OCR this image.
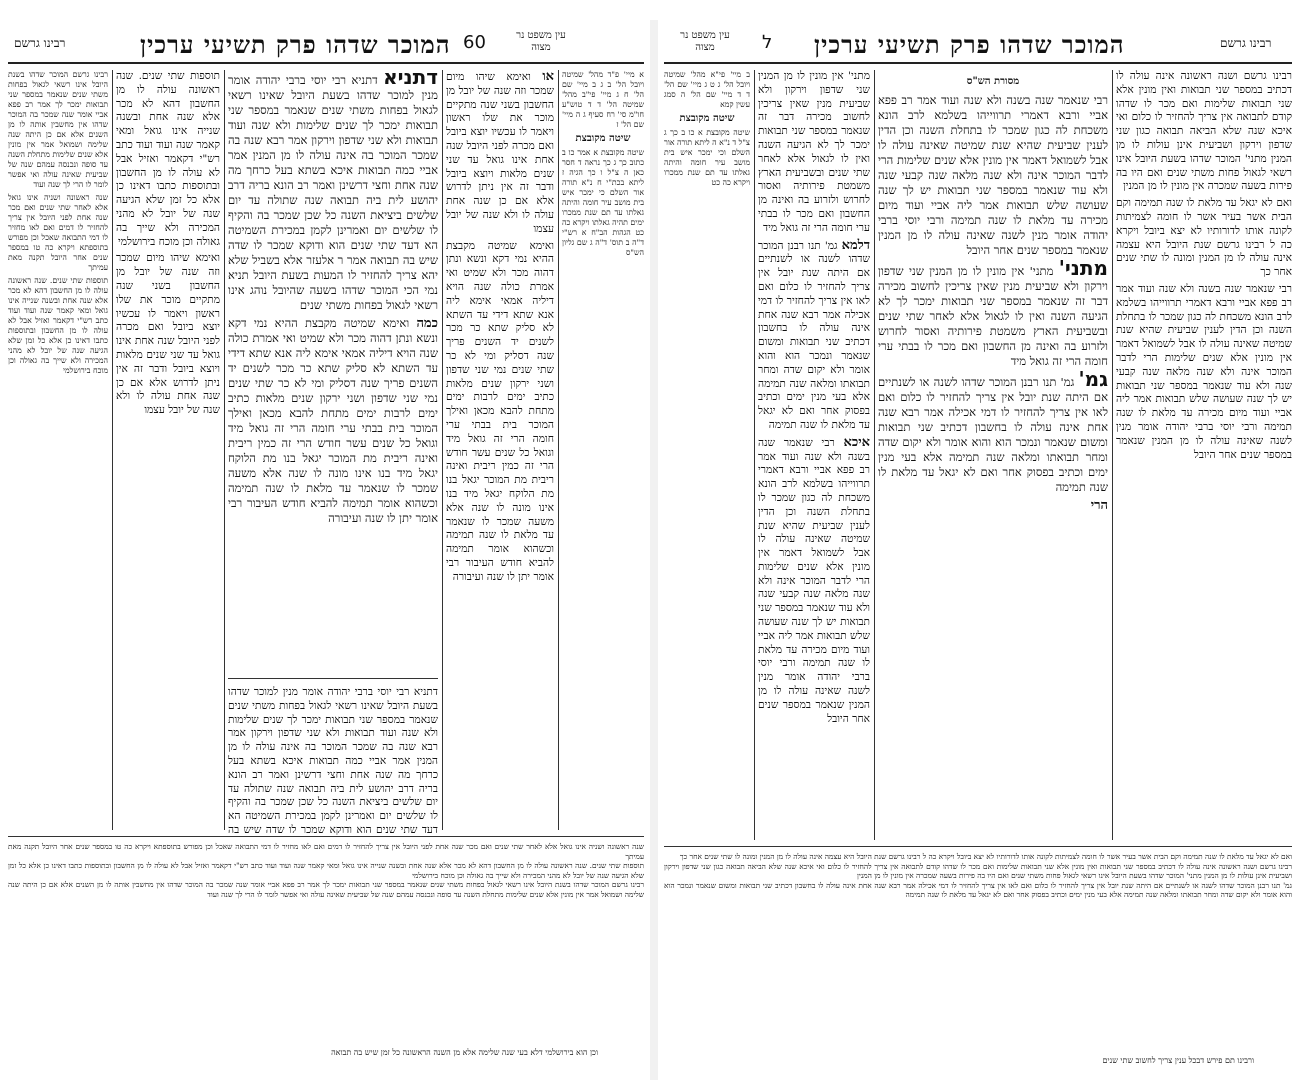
רבינו גרשם	המוכר שדהו פרק תשיעי ערכין 60	עין משפט נר מצוה

רבינו גרשם המוכר שדהו בשנת היובל אינו רשאי לגאול בפחות משתי שנים שנאמר במספר שני תבואות ימכר לך אמר רב פפא אביי אומר שנה שמכר בה המוכר שדהו אין מחשבין אותה לו מן השנים אלא אם כן היתה שנה שלימה ושמואל אמר אין מונין אלא שנים שלימות מתחלת השנה עד סופה ונכנסה עמהם שנה של שביעית שאינה עולה ואי אפשר לומר לו הרי לך שנה ועוד

שנה ראשונה ושניה אינו גואל אלא לאחר שתי שנים ואם מכר שנה אחת לפני היובל אין צריך להחזיר לו דמים ואם לאו מחזיר לו דמי התבואה שאכל וכן מפורש בתוספתא ויקרא כה טו במספר שנים אחר היובל תקנה מאת עמיתך

תוספות שתי שנים. שנה ראשונה עולה לו מן החשבון דהא לא מכר אלא שנה אחת ובשנה שנייה אינו גואל ומאי קאמר שנה ועוד ועוד כתב רש"י דקאמר ואזיל אבל לא עולה לו מן החשבון ובתוספות כתבו דאינו כן אלא כל זמן שלא הגיעה שנה של יובל לא מהני המכירה ולא שייך בה גאולה וכן מוכח בירושלמי

תוספות שתי שנים. שנה ראשונה עולה לו מן החשבון דהא לא מכר אלא שנה אחת ובשנה שנייה אינו גואל ומאי קאמר שנה ועוד ועוד כתב רש"י דקאמר ואזיל אבל לא עולה לו מן החשבון ובתוספות כתבו דאינו כן אלא כל זמן שלא הגיעה שנה של יובל לא מהני המכירה ולא שייך בה גאולה וכן מוכח בירושלמי

ואימא שיהו מיום שמכר וזה שנה של יובל מן החשבון בשני שנה מתקיים מוכר את שלו ראשון ויאמר לו עכשיו יוצא ביובל ואם מכרה לפני היובל שנה אחת אינו גואל עד שני שנים מלאות ויוצא ביובל ודבר זה אין ניתן לדרוש אלא אם כן שנה אחת עולה לו ולא שנה של יובל עצמו

דתניא דתניא רבי יוסי ברבי יהודה אומר מנין למוכר שדהו בשעת היובל שאינו רשאי לגאול בפחות משתי שנים שנאמר במספר שני תבואות ימכר לך שנים שלימות ולא שנה ועוד תבואות ולא שני שדפון וירקון אמר רבא שנה בה שמכר המוכר בה אינה עולה לו מן המנין אמר אביי כמה תבואות איכא בשתא בעל כרחך מה שנה אחת וחצי דרשינן ואמר רב הונא בריה דרב יהושע לית ביה תבואה שנה שתולה עד יום שלשים ביציאת השנה כל שכן שמכר בה והקיף לו שלשים יום ואמרינן לקמן במכירת השמיטה הא דעד שתי שנים הוא ודוקא שמכר לו שדה שיש בה תבואה אמר ר אלעזר אלא בשביל שלא יהא צריך להחזיר לו המעות בשעת היובל תניא נמי הכי המוכר שדהו בשעה שהיובל נוהג אינו רשאי לגאול בפחות משתי שנים

כמה ואימא שמיטה מקבצת ההיא נמי דקא ונשא ונתן דהוה מכר ולא שמיט ואי אמרת כולה שנה הויא דיליה אמאי אימא ליה אנא שתא דידי עד השתא לא סליק שתא כר מכר לשנים יד השנים פריך שנה דסליק ומי לא כר שתי שנים נמי שני שדפון ושני ירקון שנים מלאות כתיב ימים לרבות ימים מתחת להבא מכאן ואילך המוכר בית בבתי ערי חומה הרי זה גואל מיד וגואל כל שנים עשר חודש הרי זה כמין ריבית ואינה ריבית מת המוכר יגאל בנו מת הלוקח יגאל מיד בנו אינו מונה לו שנה אלא משעה שמכר לו שנאמר עד מלאת לו שנה תמימה וכשהוא אומר תמימה להביא חודש העיבור רבי אומר יתן לו שנה ועיבורה

דתניא רבי יוסי ברבי יהודה אומר מנין למוכר שדהו בשעת היובל שאינו רשאי לגאול בפחות משתי שנים שנאמר במספר שני תבואות ימכר לך שנים שלימות ולא שנה ועוד תבואות ולא שני שדפון וירקון אמר רבא שנה בה שמכר המוכר בה אינה עולה לו מן המנין אמר אביי כמה תבואות איכא בשתא בעל כרחך מה שנה אחת וחצי דרשינן ואמר רב הונא בריה דרב יהושע לית ביה תבואה שנה שתולה עד יום שלשים ביציאת השנה כל שכן שמכר בה והקיף לו שלשים יום ואמרינן לקמן במכירת השמיטה הא דעד שתי שנים הוא ודוקא שמכר לו שדה שיש בה

או ואימא שיהו מיום שמכר וזה שנה של יובל מן החשבון בשני שנה מתקיים מוכר את שלו ראשון ויאמר לו עכשיו יוצא ביובל ואם מכרה לפני היובל שנה אחת אינו גואל עד שני שנים מלאות ויוצא ביובל ודבר זה אין ניתן לדרוש אלא אם כן שנה אחת עולה לו ולא שנה של יובל עצמו

ואימא שמיטה מקבצת ההיא נמי דקא ונשא ונתן דהוה מכר ולא שמיט ואי אמרת כולה שנה הויא דיליה אמאי אימא ליה אנא שתא דידי עד השתא לא סליק שתא כר מכר לשנים יד השנים פריך שנה דסליק ומי לא כר שתי שנים נמי שני שדפון ושני ירקון שנים מלאות כתיב ימים לרבות ימים מתחת להבא מכאן ואילך המוכר בית בבתי ערי חומה הרי זה גואל מיד וגואל כל שנים עשר חודש הרי זה כמין ריבית ואינה ריבית מת המוכר יגאל בנו מת הלוקח יגאל מיד בנו אינו מונה לו שנה אלא משעה שמכר לו שנאמר עד מלאת לו שנה תמימה וכשהוא אומר תמימה להביא חודש העיבור רבי אומר יתן לו שנה ועיבורה

א מיי' פ"ד מהל' שמיטה ויובל הל' ב ג ב מיי' שם הל' ח ג מיי' פי"ב מהל' שמיטה הל' ד ד טוש"ע חו"מ סי' רח סעיף ג ה מיי' שם הל' ז

שיטה מקובצת

שיטה מקובצת א אמר כו ב כתוב כך ג כך נראה ד חסר כאן ה צ"ל ו כך הגיה ז ליתא בכת"י ח נ"א תורה אור השלם כי ימכר איש בית מושב עיר חומה והיתה גאלתו עד תם שנת ממכרו ימים תהיה גאלתו ויקרא כה כט הגהות הב"ח א רש"י ד"ה ב תוס' ד"ה ג שם גליון הש"ס

שנה ראשונה ושניה אינו גואל אלא לאחר שתי שנים ואם מכר שנה אחת לפני היובל אין צריך להחזיר לו דמים ואם לאו מחזיר לו דמי התבואה שאכל וכן מפורש בתוספתא ויקרא כה טו במספר שנים אחר היובל תקנה מאת עמיתך

תוספות שתי שנים. שנה ראשונה עולה לו מן החשבון דהא לא מכר אלא שנה אחת ובשנה שנייה אינו גואל ומאי קאמר שנה ועוד ועוד כתב רש"י דקאמר ואזיל אבל לא עולה לו מן החשבון ובתוספות כתבו דאינו כן אלא כל זמן שלא הגיעה שנה של יובל לא מהני המכירה ולא שייך בה גאולה וכן מוכח בירושלמי

רבינו גרשם המוכר שדהו בשנת היובל אינו רשאי לגאול בפחות משתי שנים שנאמר במספר שני תבואות ימכר לך אמר רב פפא אביי אומר שנה שמכר בה המוכר שדהו אין מחשבין אותה לו מן השנים אלא אם כן היתה שנה שלימה ושמואל אמר אין מונין אלא שנים שלימות מתחלת השנה עד סופה ונכנסה עמהם שנה של שביעית שאינה עולה ואי אפשר לומר לו הרי לך שנה ועוד

וכן הוא בירושלמי דלא בעי שנה שלימה אלא מן השנה הראשונה כל זמן שיש בה תבואה
עין משפט נר מצוה	ל המוכר שדהו פרק תשיעי ערכין	רבינו גרשם

ב מיי' פי"א מהל' שמיטה ויובל הל' ג ט ג מיי' שם הל' ד ד מיי' שם הל' ה סמג עשין קמא

שיטה מקובצת

שיטה מקובצת א כו ב כך ג צ"ל ד נ"א ה ליתא תורה אור השלם וכי ימכר איש בית מושב עיר חומה והיתה גאלתו עד תם שנת ממכרו ויקרא כה כט

מתני' אין מונין לו מן המנין שני שדפון וירקון ולא שביעית מנין שאין צריכין לחשוב מכירה דבר זה שנאמר במספר שני תבואות ימכר לך לא הגיעה השנה ואין לו לגאול אלא לאחר שתי שנים ובשביעית הארץ משמטת פירותיה ואסור לחרוש ולזרוע בה ואינה מן החשבון ואם מכר לו בבתי ערי חומה הרי זה גואל מיד

דלמא גמ' תנו רבנן המוכר שדהו לשנה או לשנתיים אם היתה שנת יובל אין צריך להחזיר לו כלום ואם לאו אין צריך להחזיר לו דמי אכילה אמר רבא שנה אחת אינה עולה לו בחשבון דכתיב שני תבואות ומשום שנאמר ונמכר הוא והוא אומר ולא יקום שדה ומחר תבואתו ומלאה שנה תמימה אלא בעי מנין ימים וכתיב בפסוק אחר ואם לא יגאל עד מלאת לו שנה תמימה

איכא רבי שנאמר שנה בשנה ולא שנה ועוד אמר רב פפא אביי ורבא דאמרי תרווייהו בשלמא לרב הונא משכחת לה כגון שמכר לו בתחלת השנה וכן הדין לענין שביעית שהיא שנת שמיטה שאינה עולה לו אבל לשמואל דאמר אין מונין אלא שנים שלימות הרי לדבר המוכר אינה ולא שנה מלאה שנה קבעי שנה ולא עוד שנאמר במספר שני תבואות יש לך שנה שעושה שלש תבואות אמר ליה אביי ועוד מיום מכירה עד מלאת לו שנה תמימה ורבי יוסי ברבי יהודה אומר מנין לשנה שאינה עולה לו מן המנין שנאמר במספר שנים אחר היובל

מסורת הש"ס

רבי שנאמר שנה בשנה ולא שנה ועוד אמר רב פפא אביי ורבא דאמרי תרווייהו בשלמא לרב הונא משכחת לה כגון שמכר לו בתחלת השנה וכן הדין לענין שביעית שהיא שנת שמיטה שאינה עולה לו אבל לשמואל דאמר אין מונין אלא שנים שלימות הרי לדבר המוכר אינה ולא שנה מלאה שנה קבעי שנה ולא עוד שנאמר במספר שני תבואות יש לך שנה שעושה שלש תבואות אמר ליה אביי ועוד מיום מכירה עד מלאת לו שנה תמימה ורבי יוסי ברבי יהודה אומר מנין לשנה שאינה עולה לו מן המנין שנאמר במספר שנים אחר היובל

מתני' מתני' אין מונין לו מן המנין שני שדפון וירקון ולא שביעית מנין שאין צריכין לחשוב מכירה דבר זה שנאמר במספר שני תבואות ימכר לך לא הגיעה השנה ואין לו לגאול אלא לאחר שתי שנים ובשביעית הארץ משמטת פירותיה ואסור לחרוש ולזרוע בה ואינה מן החשבון ואם מכר לו בבתי ערי חומה הרי זה גואל מיד

גמ' גמ' תנו רבנן המוכר שדהו לשנה או לשנתיים אם היתה שנת יובל אין צריך להחזיר לו כלום ואם לאו אין צריך להחזיר לו דמי אכילה אמר רבא שנה אחת אינה עולה לו בחשבון דכתיב שני תבואות ומשום שנאמר ונמכר הוא והוא אומר ולא יקום שדה ומחר תבואתו ומלאה שנה תמימה אלא בעי מנין ימים וכתיב בפסוק אחר ואם לא יגאל עד מלאת לו שנה תמימה

הרי

רבינו גרשם ושנה ראשונה אינה עולה לו דכתיב במספר שני תבואות ואין מונין אלא שני תבואות שלימות ואם מכר לו שדהו קודם לתבואה אין צריך להחזיר לו כלום ואי איכא שנה שלא הביאה תבואה כגון שני שדפון וירקון ושביעית אינן עולות לו מן המנין מתני' המוכר שדהו בשעת היובל אינו רשאי לגאול פחות משתי שנים ואם היו בה פירות בשעה שמכרה אין מונין לו מן המנין

ואם לא יגאל עד מלאת לו שנה תמימה וקם הבית אשר בעיר אשר לו חומה לצמיתות לקונה אותו לדורותיו לא יצא ביובל ויקרא כה ל רבינו גרשם שנת היובל היא עצמה אינה עולה לו מן המנין ומונה לו שתי שנים אחר כך

רבי שנאמר שנה בשנה ולא שנה ועוד אמר רב פפא אביי ורבא דאמרי תרווייהו בשלמא לרב הונא משכחת לה כגון שמכר לו בתחלת השנה וכן הדין לענין שביעית שהיא שנת שמיטה שאינה עולה לו אבל לשמואל דאמר אין מונין אלא שנים שלימות הרי לדבר המוכר אינה ולא שנה מלאה שנה קבעי שנה ולא עוד שנאמר במספר שני תבואות יש לך שנה שעושה שלש תבואות אמר ליה אביי ועוד מיום מכירה עד מלאת לו שנה תמימה ורבי יוסי ברבי יהודה אומר מנין לשנה שאינה עולה לו מן המנין שנאמר במספר שנים אחר היובל

ואם לא יגאל עד מלאת לו שנה תמימה וקם הבית אשר בעיר אשר לו חומה לצמיתות לקונה אותו לדורותיו לא יצא ביובל ויקרא כה ל רבינו גרשם שנת היובל היא עצמה אינה עולה לו מן המנין ומונה לו שתי שנים אחר כך

רבינו גרשם ושנה ראשונה אינה עולה לו דכתיב במספר שני תבואות ואין מונין אלא שני תבואות שלימות ואם מכר לו שדהו קודם לתבואה אין צריך להחזיר לו כלום ואי איכא שנה שלא הביאה תבואה כגון שני שדפון וירקון ושביעית אינן עולות לו מן המנין מתני' המוכר שדהו בשעת היובל אינו רשאי לגאול פחות משתי שנים ואם היו בה פירות בשעה שמכרה אין מונין לו מן המנין

גמ' תנו רבנן המוכר שדהו לשנה או לשנתיים אם היתה שנת יובל אין צריך להחזיר לו כלום ואם לאו אין צריך להחזיר לו דמי אכילה אמר רבא שנה אחת אינה עולה לו בחשבון דכתיב שני תבואות ומשום שנאמר ונמכר הוא והוא אומר ולא יקום שדה ומחר תבואתו ומלאה שנה תמימה אלא בעי מנין ימים וכתיב בפסוק אחר ואם לא יגאל עד מלאת לו שנה תמימה

ורבינו תם פירש דבכל ענין צריך לחשוב שתי שנים
